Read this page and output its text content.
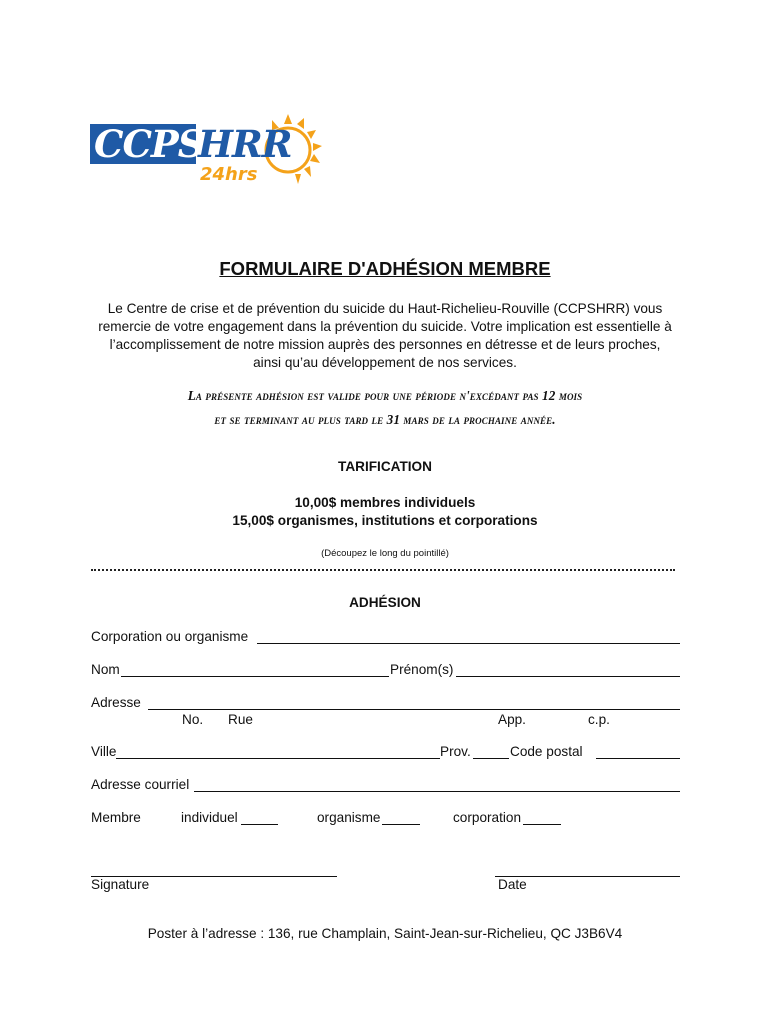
CCPS
HRR
24hrs
FORMULAIRE D'ADHÉSION MEMBRE
Le Centre de crise et de prévention du suicide du Haut-Richelieu-Rouville (CCPSHRR) vous
remercie de votre engagement dans la prévention du suicide. Votre implication est essentielle à
l’accomplissement de notre mission auprès des personnes en détresse et de leurs proches,
ainsi qu’au développement de nos services.
La présente adhésion est valide pour une période n'excédant pas 12 mois
et se terminant au plus tard le 31 mars de la prochaine année.
TARIFICATION
10,00$ membres individuels
15,00$ organismes, institutions et corporations
(Découpez le long du pointillé)
ADHÉSION
Corporation ou organisme
Nom	Prénom(s)
Adresse
No. Rue	App.	c.p.
Ville	Prov.	Code postal
Adresse courriel
Membre	individuel	organisme	corporation
Signature	Date
Poster à l’adresse : 136, rue Champlain, Saint-Jean-sur-Richelieu, QC J3B6V4
